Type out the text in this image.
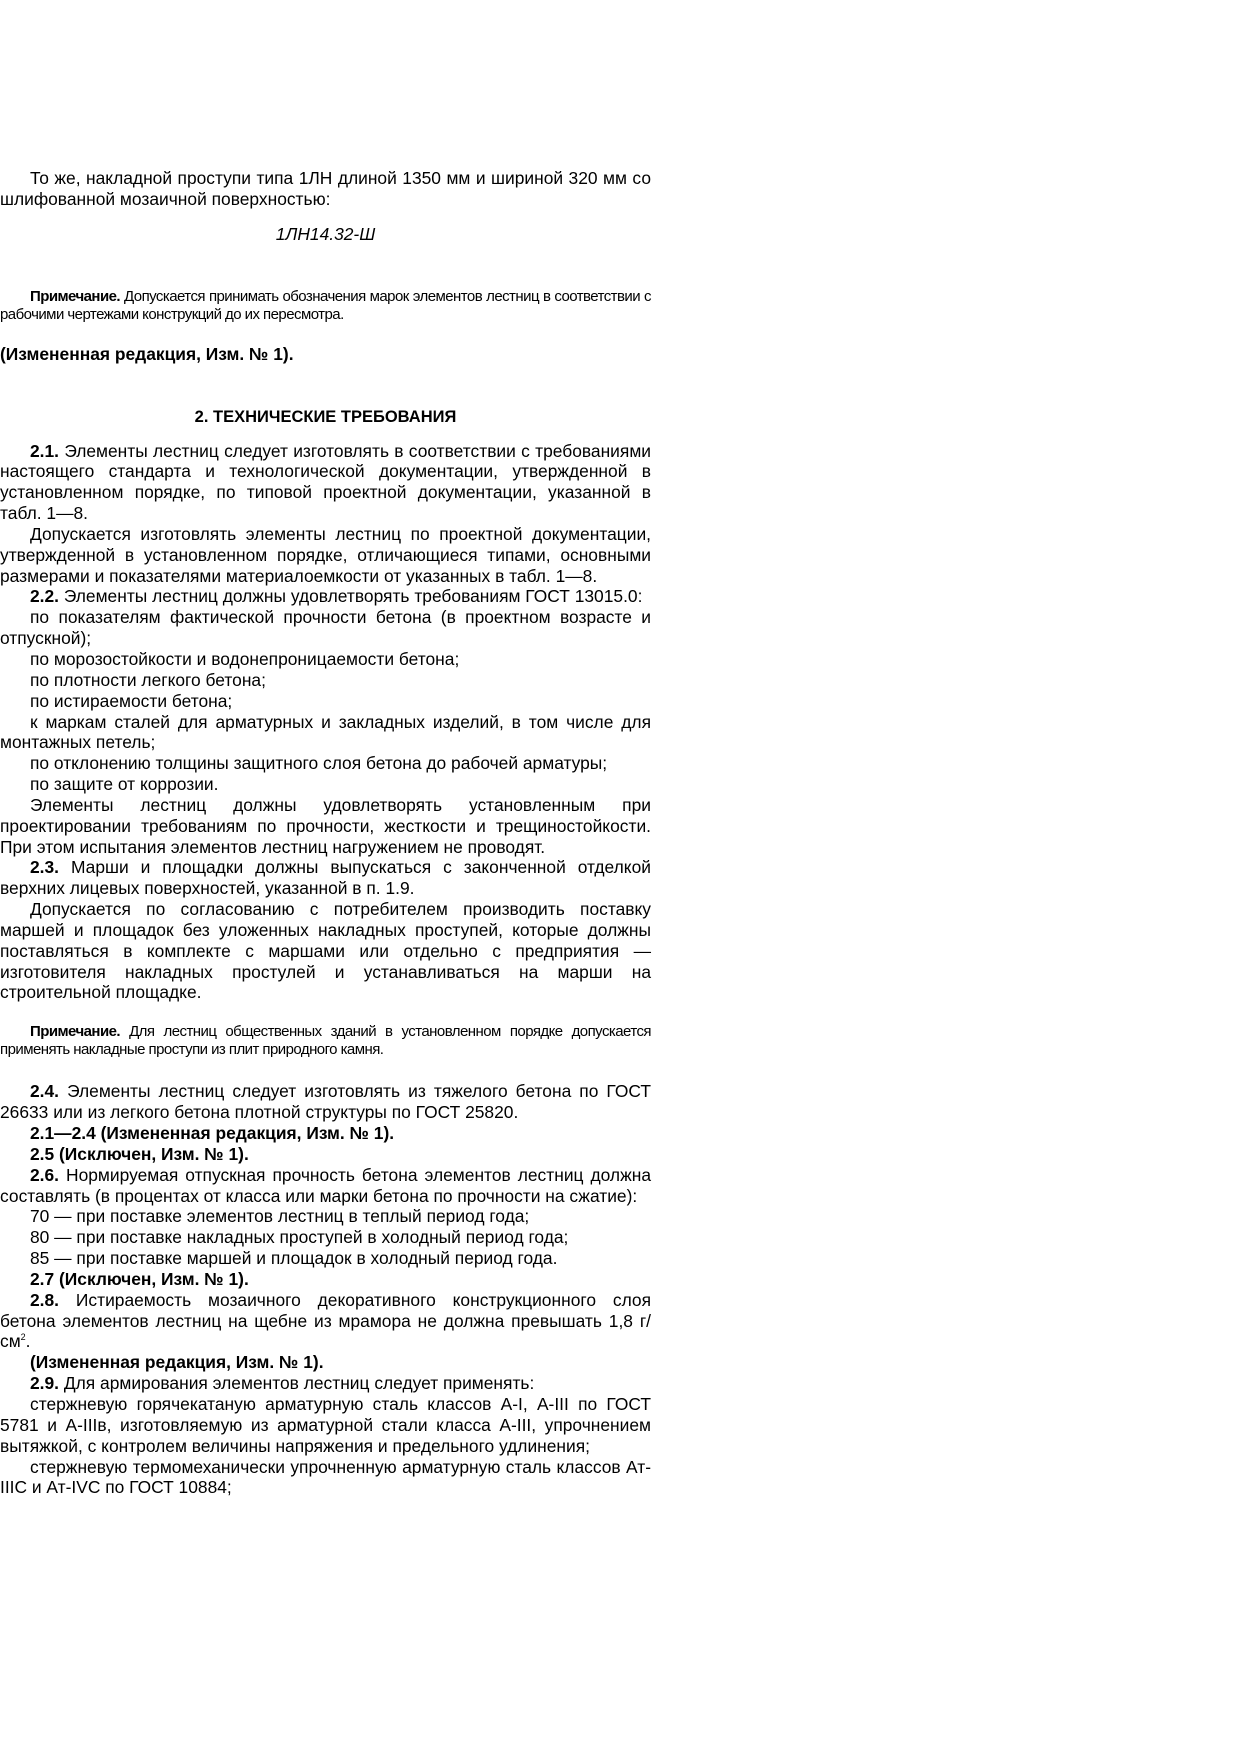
То же, накладной проступи типа 1ЛН длиной 1350 мм и шириной 320 мм со шлифованной мозаичной поверхностью:

1ЛН14.32-Ш

Примечание. Допускается принимать обозначения марок элементов лестниц в соответствии с рабочими чертежами конструкций до их пересмотра.

(Измененная редакция, Изм. № 1).

2. ТЕХНИЧЕСКИЕ ТРЕБОВАНИЯ

2.1. Элементы лестниц следует изготовлять в соответствии с требованиями настоящего стандарта и технологической документации, утвержденной в установленном порядке, по типовой проектной документации, указанной в табл. 1—8.

Допускается изготовлять элементы лестниц по проектной документации, утвержденной в установленном порядке, отличающиеся типами, основными размерами и показателями материалоемкости от указанных в табл. 1—8.

2.2. Элементы лестниц должны удовлетворять требованиям ГОСТ 13015.0:

по показателям фактической прочности бетона (в проектном возрасте и отпускной);

по морозостойкости и водонепроницаемости бетона;

по плотности легкого бетона;

по истираемости бетона;

к маркам сталей для арматурных и закладных изделий, в том числе для монтажных петель;

по отклонению толщины защитного слоя бетона до рабочей арматуры;

по защите от коррозии.

Элементы лестниц должны удовлетворять установленным при проектировании требованиям по прочности, жесткости и трещиностойкости. При этом испытания элементов лестниц нагружением не проводят.

2.3. Марши и площадки должны выпускаться с законченной отделкой верхних лицевых поверхностей, указанной в п. 1.9.

Допускается по согласованию с потребителем производить поставку маршей и площадок без уложенных накладных проступей, которые должны поставляться в комплекте с маршами или отдельно с предприятия — изготовителя накладных простулей и устанавливаться на марши на строительной площадке.

Примечание. Для лестниц общественных зданий в установленном порядке допускается применять накладные проступи из плит природного камня.

2.4. Элементы лестниц следует изготовлять из тяжелого бетона по ГОСТ 26633 или из легкого бетона плотной структуры по ГОСТ 25820.

2.1—2.4 (Измененная редакция, Изм. № 1).

2.5 (Исключен, Изм. № 1).

2.6. Нормируемая отпускная прочность бетона элементов лестниц должна составлять (в процентах от класса или марки бетона по прочности на сжатие):

70 — при поставке элементов лестниц в теплый период года;

80 — при поставке накладных проступей в холодный период года;

85 — при поставке маршей и площадок в холодный период года.

2.7 (Исключен, Изм. № 1).

2.8. Истираемость мозаичного декоративного конструкционного слоя бетона элементов лестниц на щебне из мрамора не должна превышать 1,8 $г/см^2$.

(Измененная редакция, Изм. № 1).

2.9. Для армирования элементов лестниц следует применять:

стержневую горячекатаную арматурную сталь классов А-I, А-III по ГОСТ 5781 и А-IIIв, изготовляемую из арматурной стали класса А-III, упрочнением вытяжкой, с контролем величины напряжения и предельного удлинения;

стержневую термомеханически упрочненную арматурную сталь классов Ат-IIIC и Ат-IVC по ГОСТ 10884;
